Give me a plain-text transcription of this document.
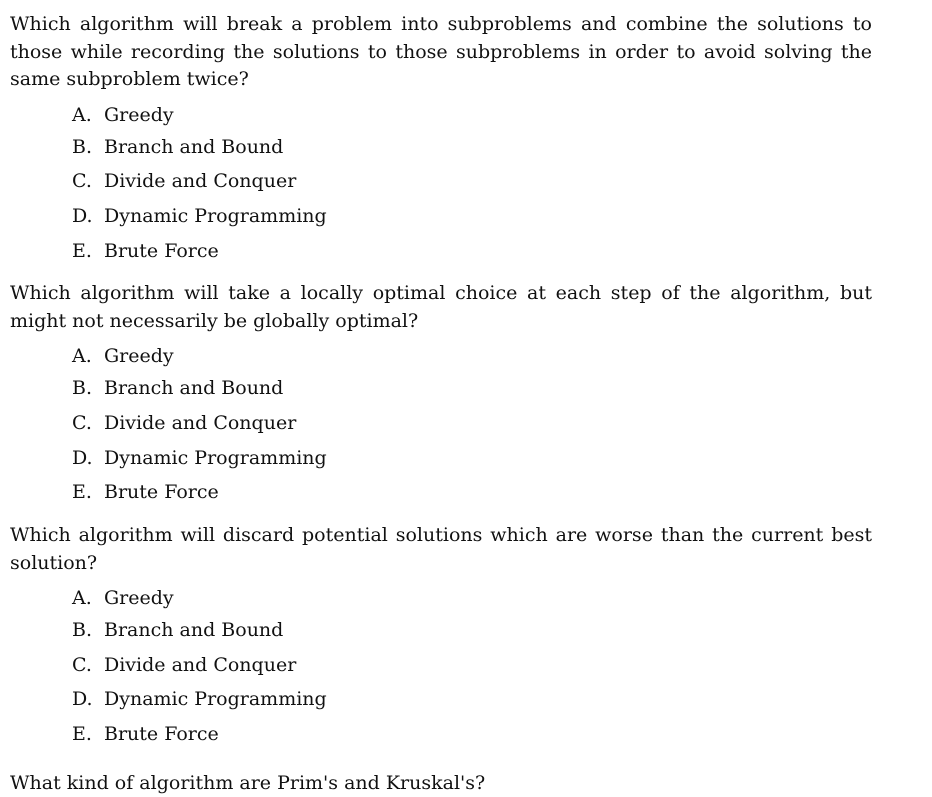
Which algorithm will break a problem into subproblems and combine the solutions to those while recording the solutions to those subproblems in order to avoid solving the same subproblem twice?

A. Greedy
B. Branch and Bound
C. Divide and Conquer
D. Dynamic Programming
E. Brute Force

Which algorithm will take a locally optimal choice at each step of the algorithm, but might not necessarily be globally optimal?

A. Greedy
B. Branch and Bound
C. Divide and Conquer
D. Dynamic Programming
E. Brute Force

Which algorithm will discard potential solutions which are worse than the current best solution?

A. Greedy
B. Branch and Bound
C. Divide and Conquer
D. Dynamic Programming
E. Brute Force
What kind of algorithm are Prim's and Kruskal's?
